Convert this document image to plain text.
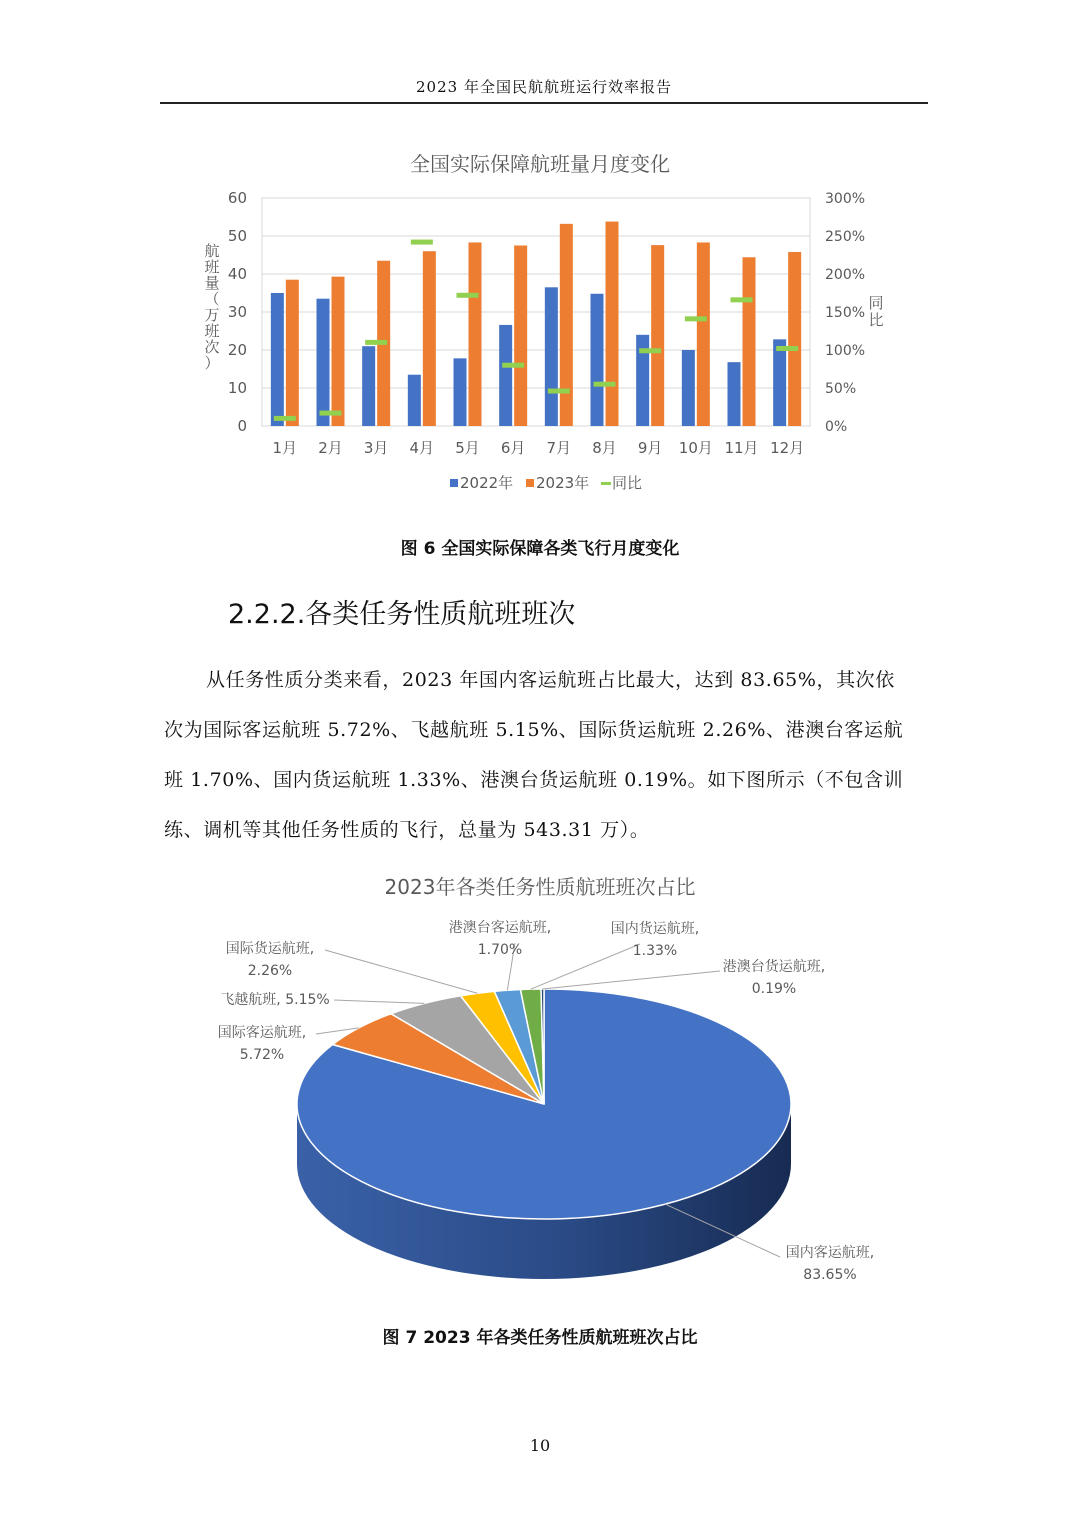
2023 年全国民航航班运行效率报告
全国实际保障航班量月度变化
0
10
20
30
40
50
60
0%
50%
100%
150%
200%
250%
300%
1月 2月 3月 4月 5月 6月 7月 8月 9月 10月 11月 12月
航班量（万班次）
同比
2022年 2023年 同比
图 6 全国实际保障各类飞行月度变化
2.2.2.各类任务性质航班班次
从任务性质分类来看，2023 年国内客运航班占比最大，达到 83.65%，其次依
次为国际客运航班 5.72%、飞越航班 5.15%、国际货运航班 2.26%、港澳台客运航
班 1.70%、国内货运航班 1.33%、港澳台货运航班 0.19%。如下图所示（不包含训
练、调机等其他任务性质的飞行，总量为 543.31 万）。
2023年各类任务性质航班班次占比
国内客运航班,
83.65%
国际客运航班,
5.72%
飞越航班, 5.15%
国际货运航班,
2.26%
港澳台客运航班,
1.70%
国内货运航班,
1.33%
港澳台货运航班,
0.19%
图 7 2023 年各类任务性质航班班次占比
10
